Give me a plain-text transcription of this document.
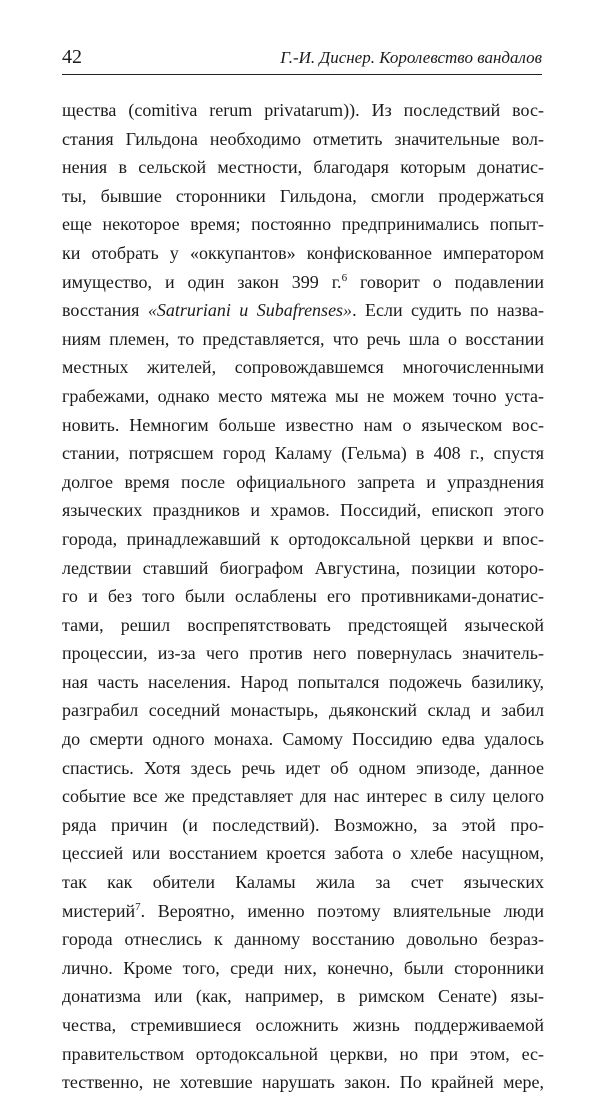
42	Г.-И. Диснер. Королевство вандалов
щества (comitiva rerum privatarum)). Из последствий вос-
стания Гильдона необходимо отметить значительные вол-
нения в сельской местности, благодаря которым донатис-
ты, бывшие сторонники Гильдона, смогли продержаться
еще некоторое время; постоянно предпринимались попыт-
ки отобрать у «оккупантов» конфискованное императором
имущество, и один закон 399 г.$^6$ говорит о подавлении
восстания «Satruriani u Subafrenses». Если судить по назва-
ниям племен, то представляется, что речь шла о восстании
местных жителей, сопровождавшемся многочисленными
грабежами, однако место мятежа мы не можем точно уста-
новить. Немногим больше известно нам о языческом вос-
стании, потрясшем город Каламу (Гельма) в 408 г., спустя
долгое время после официального запрета и упразднения
языческих праздников и храмов. Поссидий, епископ этого
города, принадлежавший к ортодоксальной церкви и впос-
ледствии ставший биографом Августина, позиции которо-
го и без того были ослаблены его противниками-донатис-
тами, решил воспрепятствовать предстоящей языческой
процессии, из-за чего против него повернулась значитель-
ная часть населения. Народ попытался подожечь базилику,
разграбил соседний монастырь, дьяконский склад и забил
до смерти одного монаха. Самому Поссидию едва удалось
спастись. Хотя здесь речь идет об одном эпизоде, данное
событие все же представляет для нас интерес в силу целого
ряда причин (и последствий). Возможно, за этой про-
цессией или восстанием кроется забота о хлебе насущном,
так как обители Каламы жила за счет языческих
мистерий$^7$. Вероятно, именно поэтому влиятельные люди
города отнеслись к данному восстанию довольно безраз-
лично. Кроме того, среди них, конечно, были сторонники
донатизма или (как, например, в римском Сенате) язы-
чества, стремившиеся осложнить жизнь поддерживаемой
правительством ортодоксальной церкви, но при этом, ес-
тественно, не хотевшие нарушать закон. По крайней мере,
